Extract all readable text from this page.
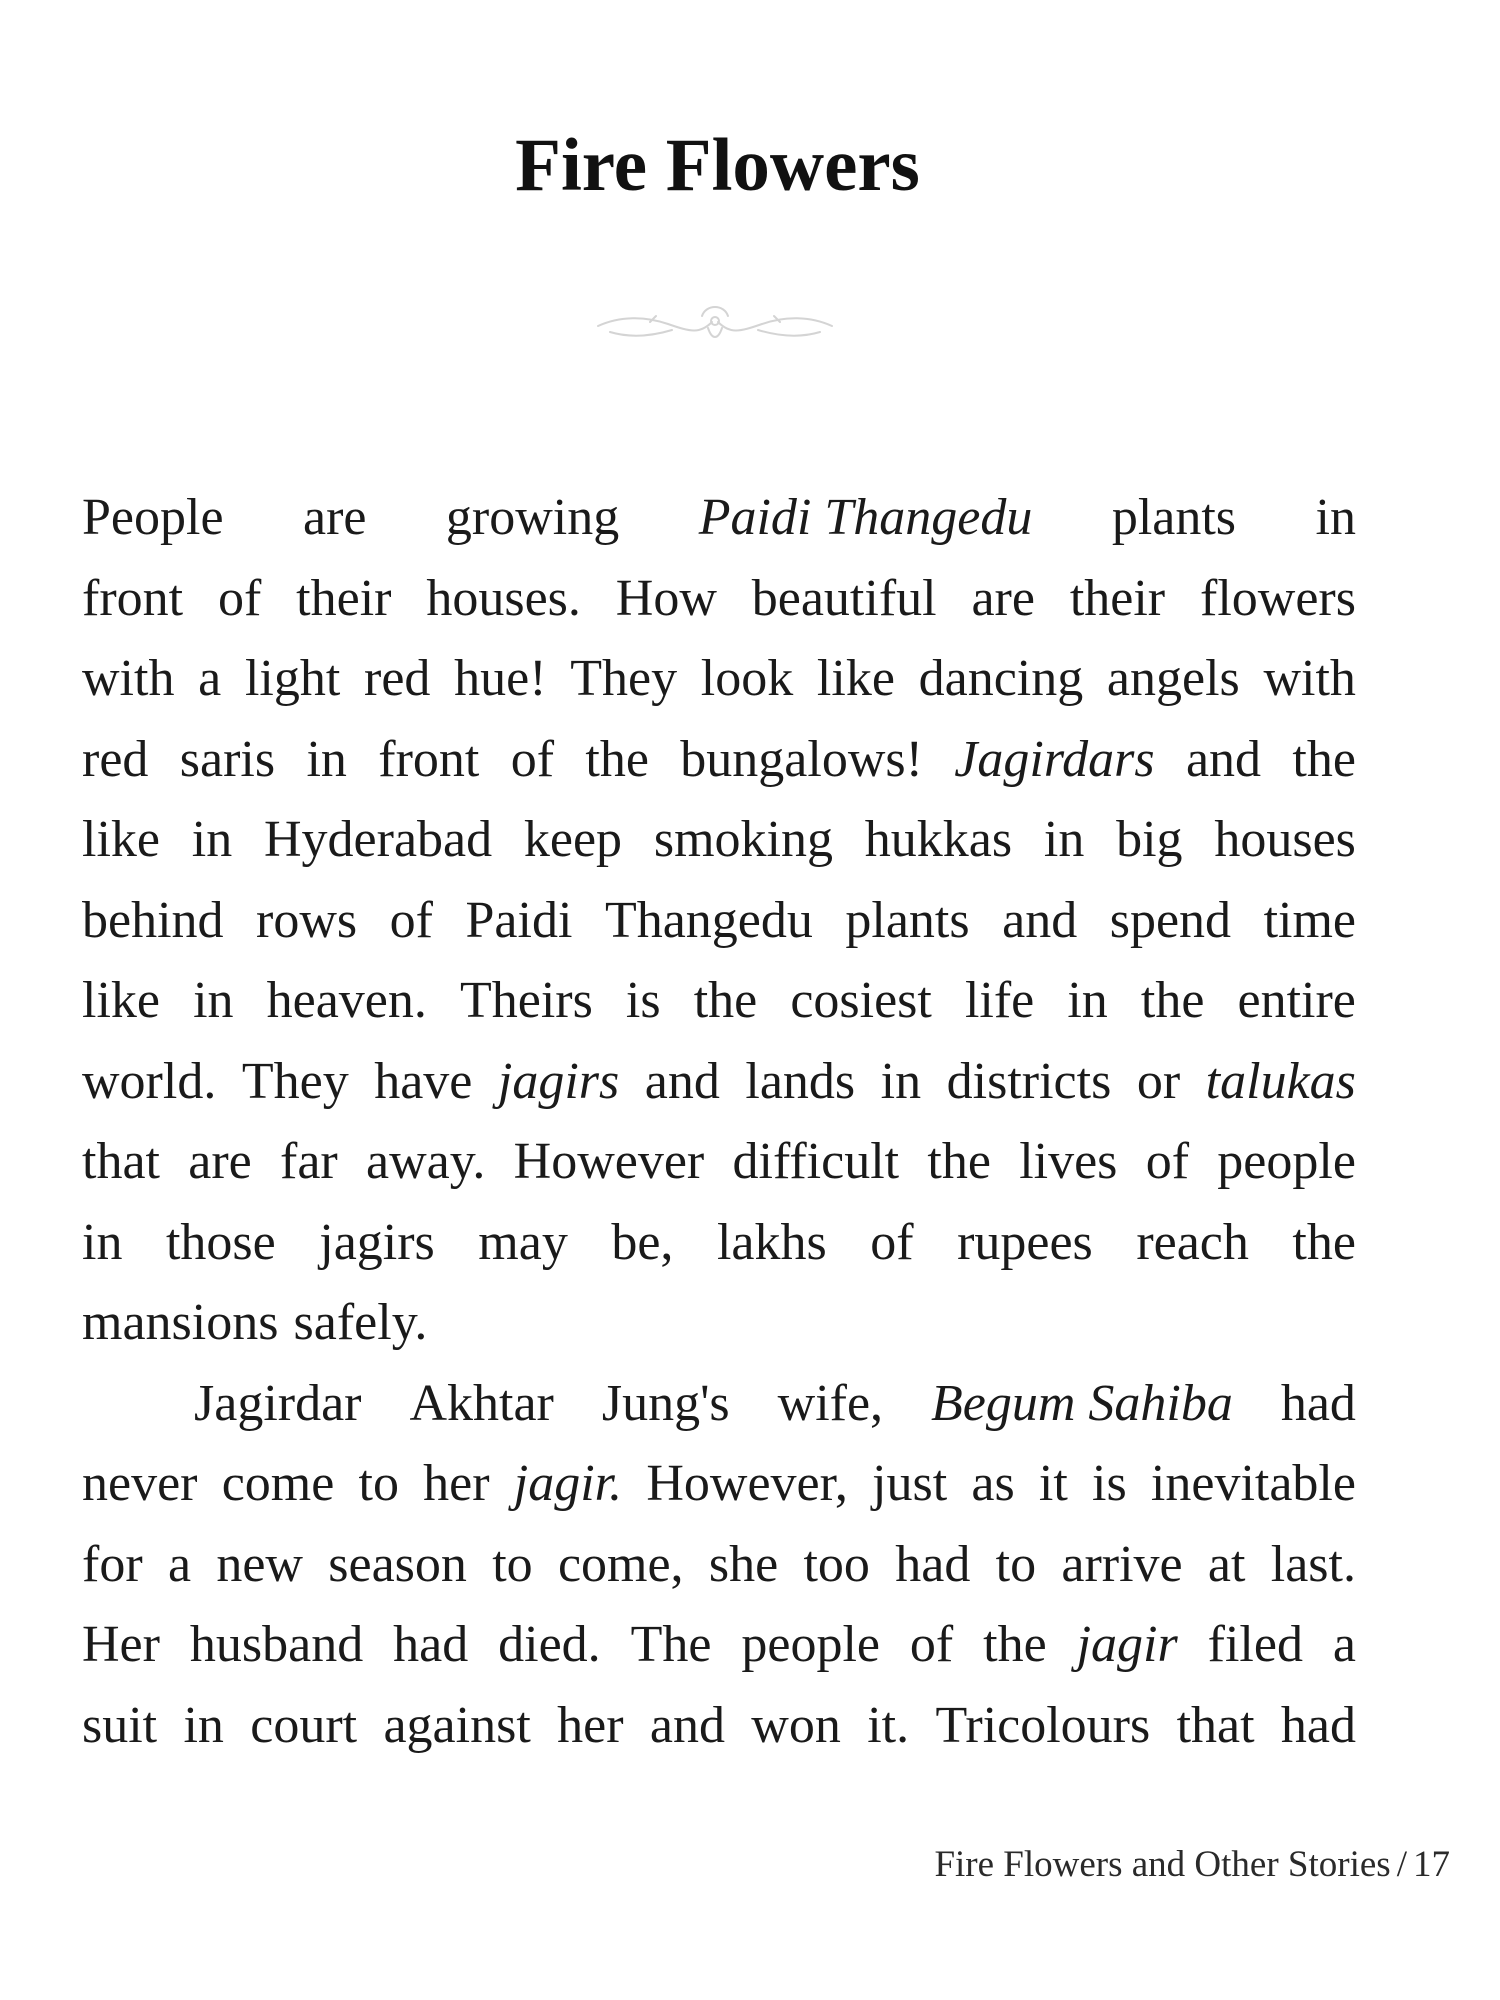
Fire Flowers
People are growing Paidi Thangedu plants in
front of their houses. How beautiful are their flowers
with a light red hue! They look like dancing angels with
red saris in front of the bungalows! Jagirdars and the
like in Hyderabad keep smoking hukkas in big houses
behind rows of Paidi Thangedu plants and spend time
like in heaven. Theirs is the cosiest life in the entire
world. They have jagirs and lands in districts or talukas
that are far away. However difficult the lives of people
in those jagirs may be, lakhs of rupees reach the
mansions
safely.
Jagirdar Akhtar Jung's wife, Begum Sahiba had
never come to her jagir. However, just as it is inevitable
for a new season to come, she too had to arrive at last.
Her husband had died. The people of the jagir filed a
suit in court against her and won it. Tricolours that had
Fire Flowers and Other Stories / 17
